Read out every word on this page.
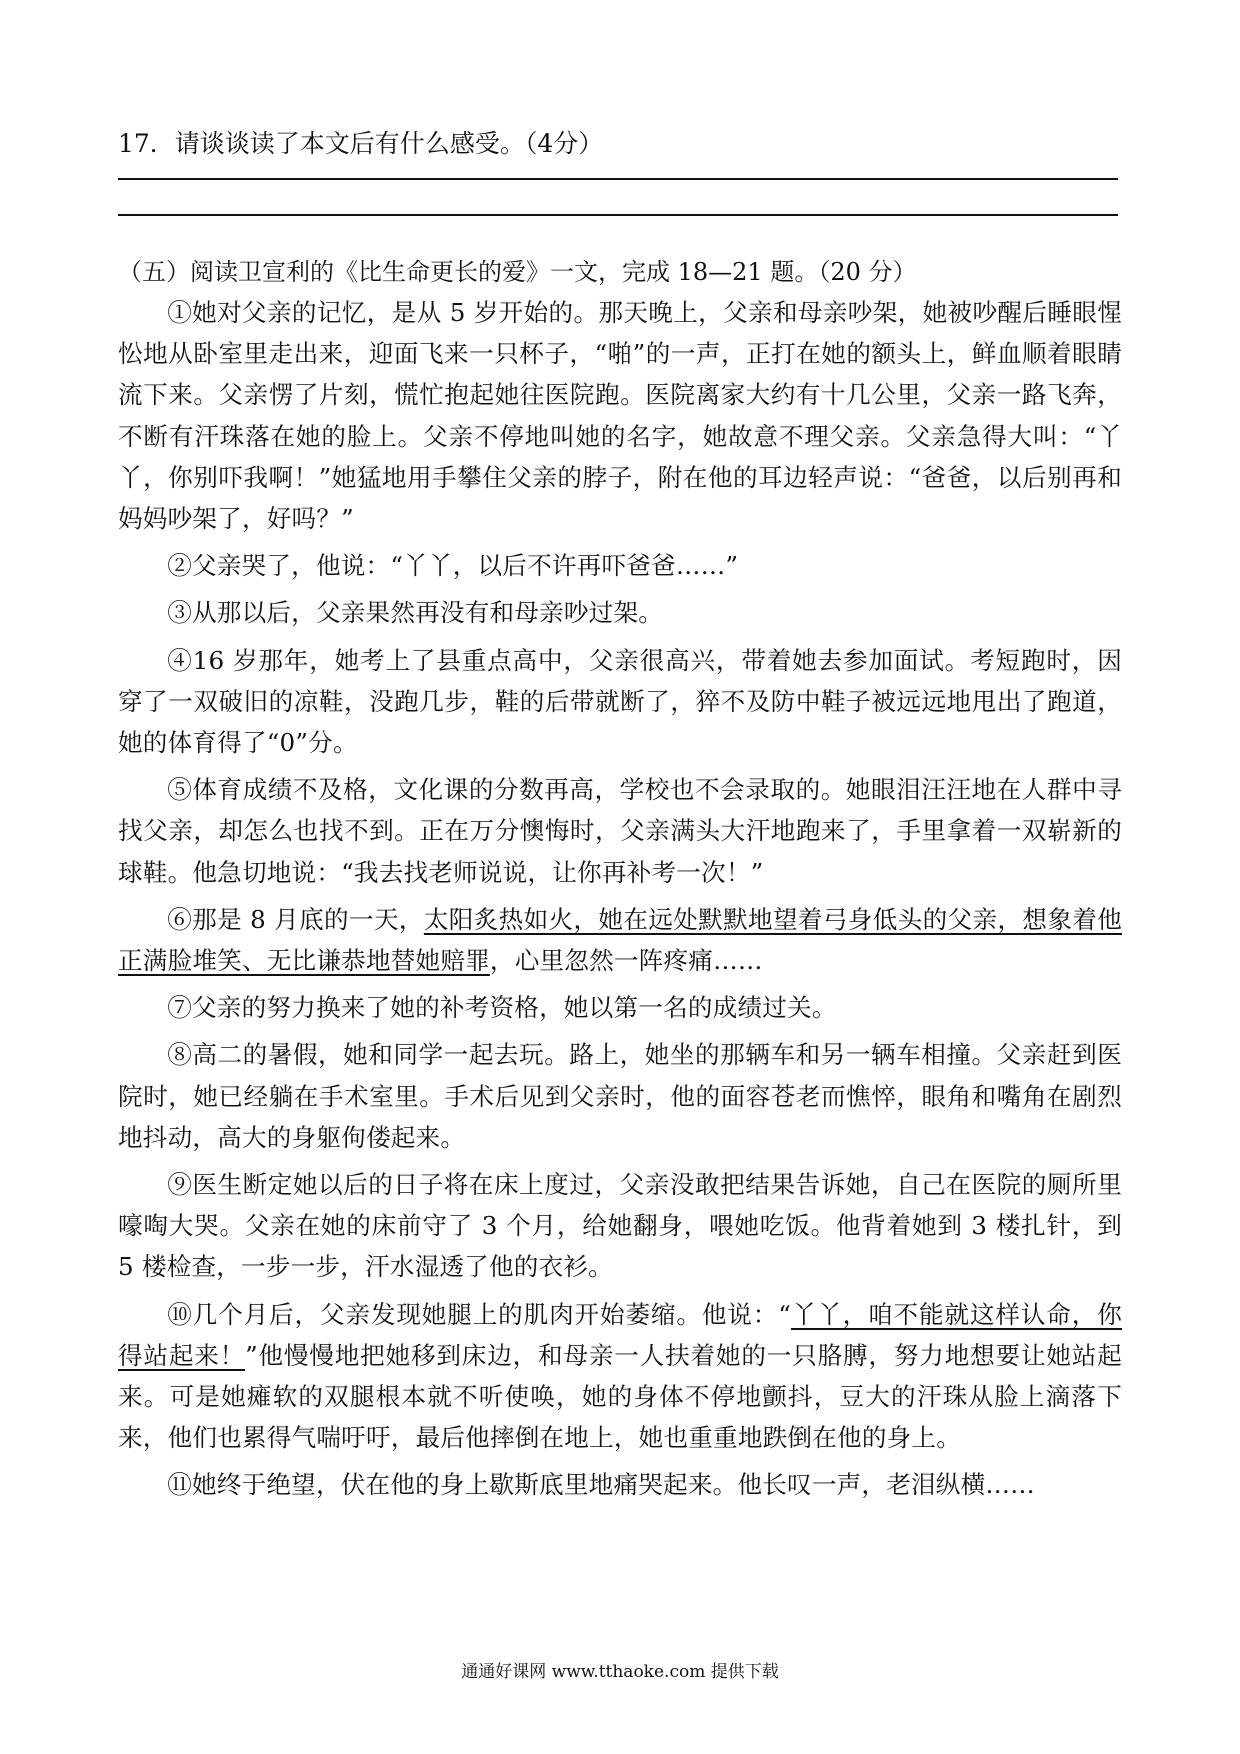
17．请谈谈读了本文后有什么感受。（4分）
（五）阅读卫宣利的《比生命更长的爱》一文，完成 18—21 题。（20 分）

①她对父亲的记忆，是从 5 岁开始的。那天晚上，父亲和母亲吵架，她被吵醒后睡眼惺忪地从卧室里走出来，迎面飞来一只杯子，“啪”的一声，正打在她的额头上，鲜血顺着眼睛流下来。父亲愣了片刻，慌忙抱起她往医院跑。医院离家大约有十几公里，父亲一路飞奔，不断有汗珠落在她的脸上。父亲不停地叫她的名字，她故意不理父亲。父亲急得大叫：“丫丫，你别吓我啊！”她猛地用手攀住父亲的脖子，附在他的耳边轻声说：“爸爸，以后别再和妈妈吵架了，好吗？”

②父亲哭了，他说：“丫丫，以后不许再吓爸爸……”

③从那以后，父亲果然再没有和母亲吵过架。

④16 岁那年，她考上了县重点高中，父亲很高兴，带着她去参加面试。考短跑时，因穿了一双破旧的凉鞋，没跑几步，鞋的后带就断了，猝不及防中鞋子被远远地甩出了跑道，她的体育得了“0”分。

⑤体育成绩不及格，文化课的分数再高，学校也不会录取的。她眼泪汪汪地在人群中寻找父亲，却怎么也找不到。正在万分懊悔时，父亲满头大汗地跑来了，手里拿着一双崭新的球鞋。他急切地说：“我去找老师说说，让你再补考一次！”

⑥那是 8 月底的一天，太阳炙热如火，她在远处默默地望着弓身低头的父亲，想象着他正满脸堆笑、无比谦恭地替她赔罪，心里忽然一阵疼痛……

⑦父亲的努力换来了她的补考资格，她以第一名的成绩过关。

⑧高二的暑假，她和同学一起去玩。路上，她坐的那辆车和另一辆车相撞。父亲赶到医院时，她已经躺在手术室里。手术后见到父亲时，他的面容苍老而憔悴，眼角和嘴角在剧烈地抖动，高大的身躯佝偻起来。

⑨医生断定她以后的日子将在床上度过，父亲没敢把结果告诉她，自己在医院的厕所里嚎啕大哭。父亲在她的床前守了 3 个月，给她翻身，喂她吃饭。他背着她到 3 楼扎针，到 5 楼检查，一步一步，汗水湿透了他的衣衫。

⑩几个月后，父亲发现她腿上的肌肉开始萎缩。他说：“丫丫，咱不能就这样认命，你得站起来！”他慢慢地把她移到床边，和母亲一人扶着她的一只胳膊，努力地想要让她站起来。可是她瘫软的双腿根本就不听使唤，她的身体不停地颤抖，豆大的汗珠从脸上滴落下来，他们也累得气喘吁吁，最后他摔倒在地上，她也重重地跌倒在他的身上。

⑪她终于绝望，伏在他的身上歇斯底里地痛哭起来。他长叹一声，老泪纵横……

通通好课网 www.tthaoke.com 提供下载
